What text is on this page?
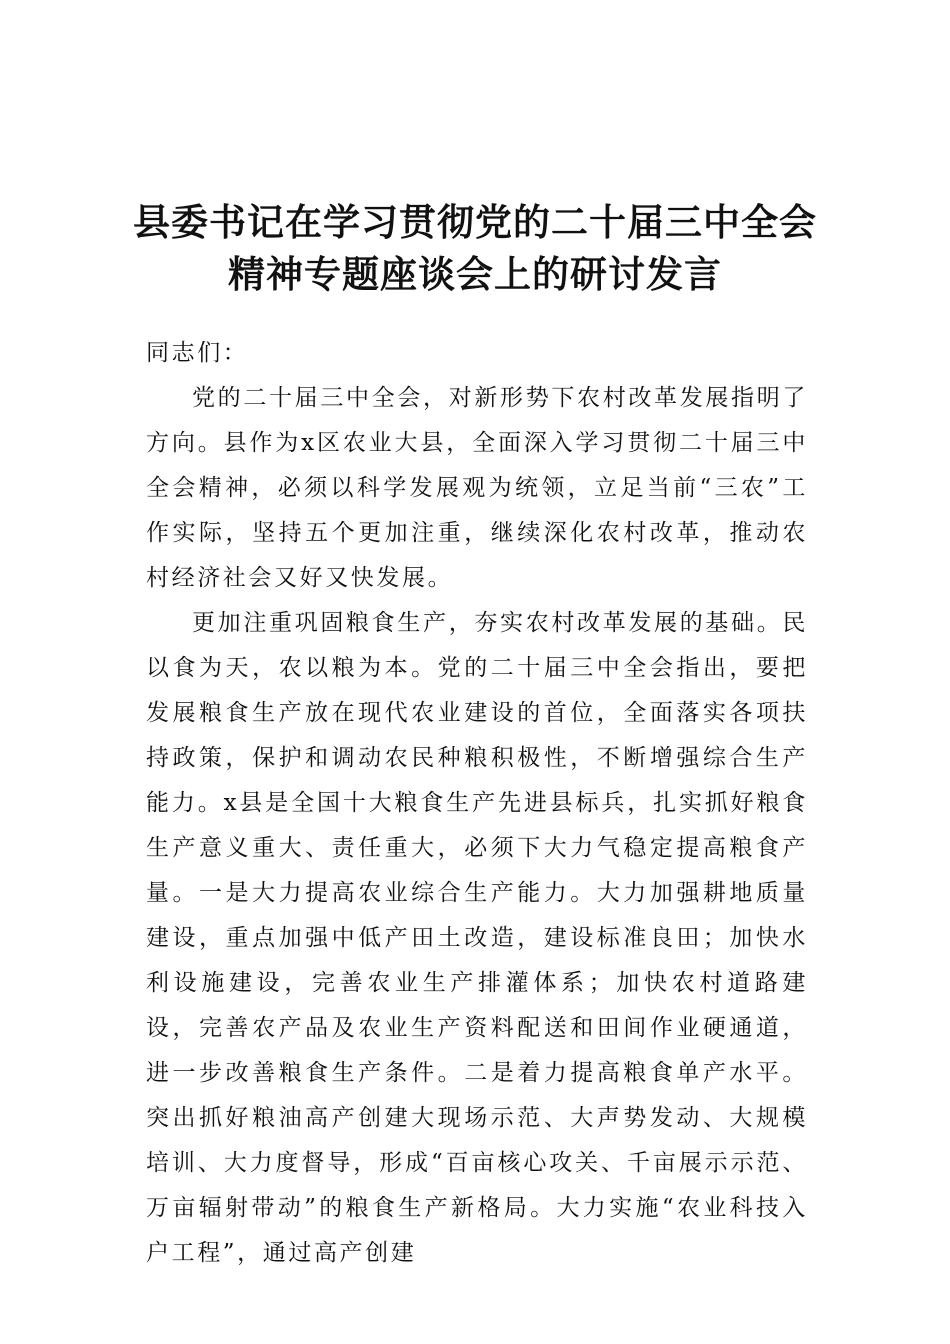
县委书记在学习贯彻党的二十届三中全会
精神专题座谈会上的研讨发言

同志们：

党的二十届三中全会，对新形势下农村改革发展指明了方向。县作为x区农业大县，全面深入学习贯彻二十届三中全会精神，必须以科学发展观为统领，立足当前“三农”工作实际，坚持五个更加注重，继续深化农村改革，推动农村经济社会又好又快发展。

更加注重巩固粮食生产，夯实农村改革发展的基础。民以食为天，农以粮为本。党的二十届三中全会指出，要把发展粮食生产放在现代农业建设的首位，全面落实各项扶持政策，保护和调动农民种粮积极性，不断增强综合生产能力。x县是全国十大粮食生产先进县标兵，扎实抓好粮食生产意义重大、责任重大，必须下大力气稳定提高粮食产量。一是大力提高农业综合生产能力。大力加强耕地质量建设，重点加强中低产田土改造，建设标准良田；加快水利设施建设，完善农业生产排灌体系；加快农村道路建设，完善农产品及农业生产资料配送和田间作业硬通道，进一步改善粮食生产条件。二是着力提高粮食单产水平。突出抓好粮油高产创建大现场示范、大声势发动、大规模培训、大力度督导，形成“百亩核心攻关、千亩展示示范、万亩辐射带动”的粮食生产新格局。大力实施“农业科技入户工程”，通过高产创建
